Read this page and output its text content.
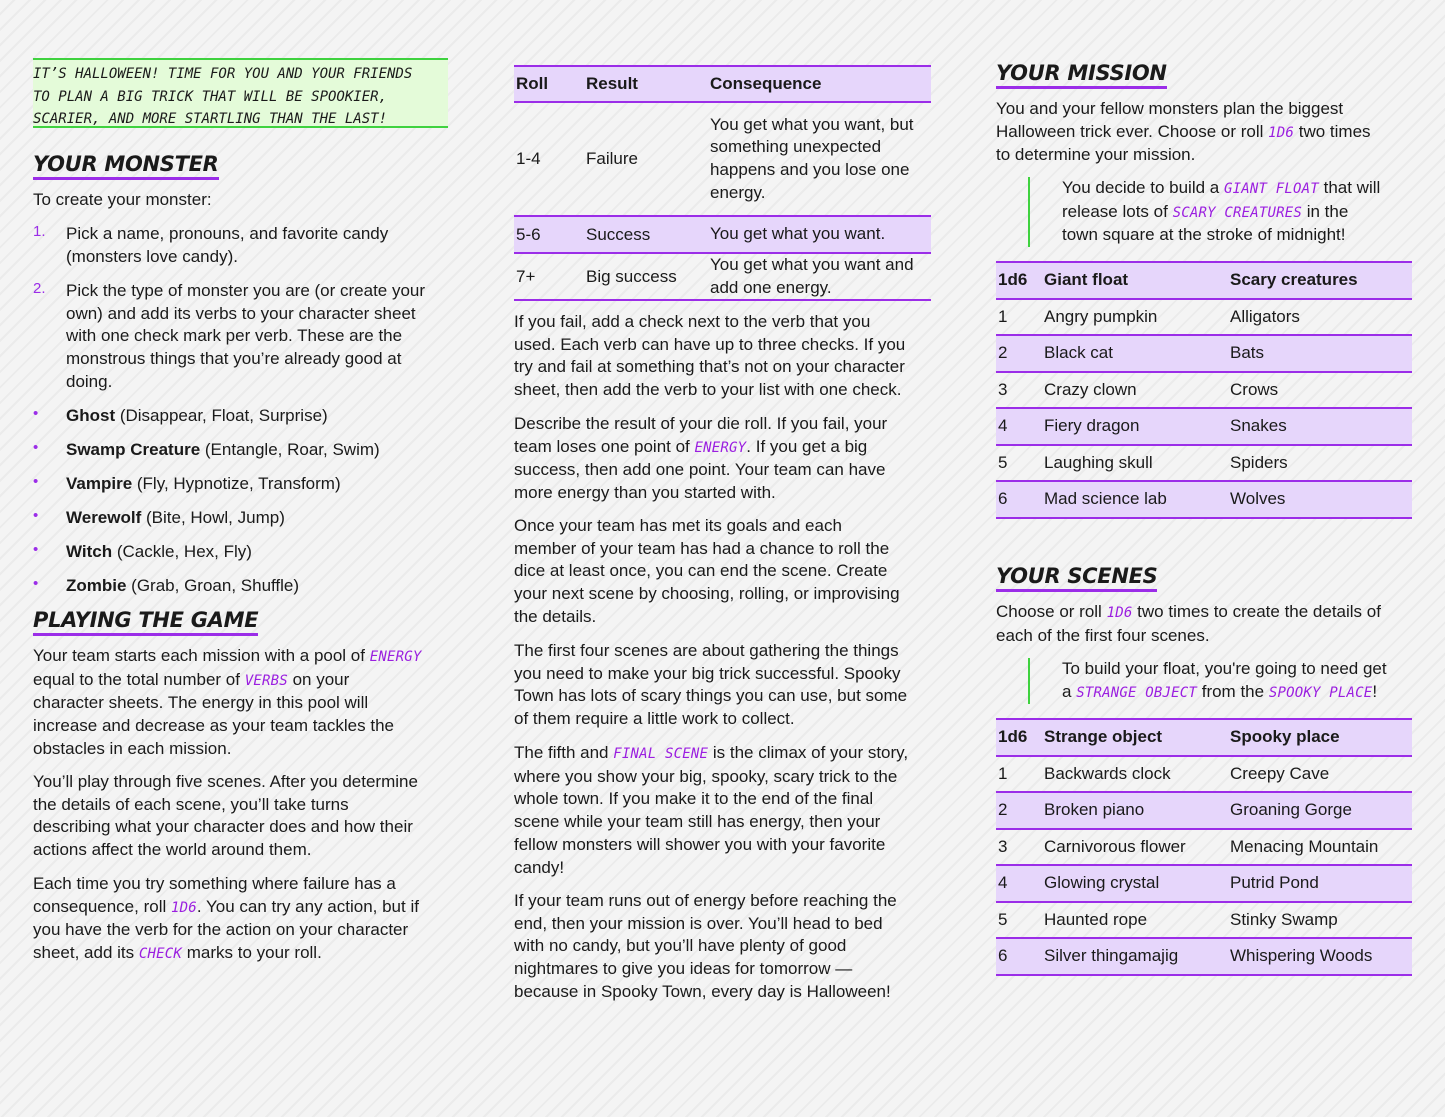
IT’S HALLOWEEN! TIME FOR YOU AND YOUR FRIENDS

TO PLAN A BIG TRICK THAT WILL BE SPOOKIER,

SCARIER, AND MORE STARTLING THAN THE LAST!

YOUR MONSTER

To create your monster:

1. Pick a name, pronouns, and favorite candy

(monsters love candy).

2. Pick the type of monster you are (or create your

own) and add its verbs to your character sheet

with one check mark per verb. These are the

monstrous things that you’re already good at

doing.

• Ghost (Disappear, Float, Surprise)

• Swamp Creature (Entangle, Roar, Swim)

• Vampire (Fly, Hypnotize, Transform)

• Werewolf (Bite, Howl, Jump)

• Witch (Cackle, Hex, Fly)

• Zombie (Grab, Groan, Shuffle)

PLAYING THE GAME

Your team starts each mission with a pool of ENERGY

equal to the total number of VERBS on your

character sheets. The energy in this pool will

increase and decrease as your team tackles the

obstacles in each mission.

You’ll play through five scenes. After you determine

the details of each scene, you’ll take turns

describing what your character does and how their

actions affect the world around them.

Each time you try something where failure has a

consequence, roll 1D6. You can try any action, but if

you have the verb for the action on your character

sheet, add its CHECK marks to your roll.

Roll	Result	Consequence
1-4	Failure	You get what you want, but

something unexpected

happens and you lose one

energy.

5-6	Success	You get what you want.

7+	Big success	You get what you want and

add one energy.

If you fail, add a check next to the verb that you

used. Each verb can have up to three checks. If you

try and fail at something that’s not on your character

sheet, then add the verb to your list with one check.

Describe the result of your die roll. If you fail, your

team loses one point of ENERGY. If you get a big

success, then add one point. Your team can have

more energy than you started with.

Once your team has met its goals and each

member of your team has had a chance to roll the

dice at least once, you can end the scene. Create

your next scene by choosing, rolling, or improvising

the details.

The first four scenes are about gathering the things

you need to make your big trick successful. Spooky

Town has lots of scary things you can use, but some

of them require a little work to collect.

The fifth and FINAL SCENE is the climax of your story,

where you show your big, spooky, scary trick to the

whole town. If you make it to the end of the final

scene while your team still has energy, then your

fellow monsters will shower you with your favorite

candy!

If your team runs out of energy before reaching the

end, then your mission is over. You’ll head to bed

with no candy, but you’ll have plenty of good

nightmares to give you ideas for tomorrow —

because in Spooky Town, every day is Halloween!

YOUR MISSION

You and your fellow monsters plan the biggest

Halloween trick ever. Choose or roll 1D6 two times

to determine your mission.

You decide to build a GIANT FLOAT that will

release lots of SCARY CREATURES in the

town square at the stroke of midnight!

1d6	Giant float	Scary creatures
1	Angry pumpkin	Alligators
2	Black cat	Bats
3	Crazy clown	Crows
4	Fiery dragon	Snakes
5	Laughing skull	Spiders
6	Mad science lab	Wolves
YOUR SCENES

Choose or roll 1D6 two times to create the details of

each of the first four scenes.

To build your float, you're going to need get

a STRANGE OBJECT from the SPOOKY PLACE!

1d6	Strange object	Spooky place
1	Backwards clock	Creepy Cave
2	Broken piano	Groaning Gorge
3	Carnivorous flower	Menacing Mountain
4	Glowing crystal	Putrid Pond
5	Haunted rope	Stinky Swamp
6	Silver thingamajig	Whispering Woods
